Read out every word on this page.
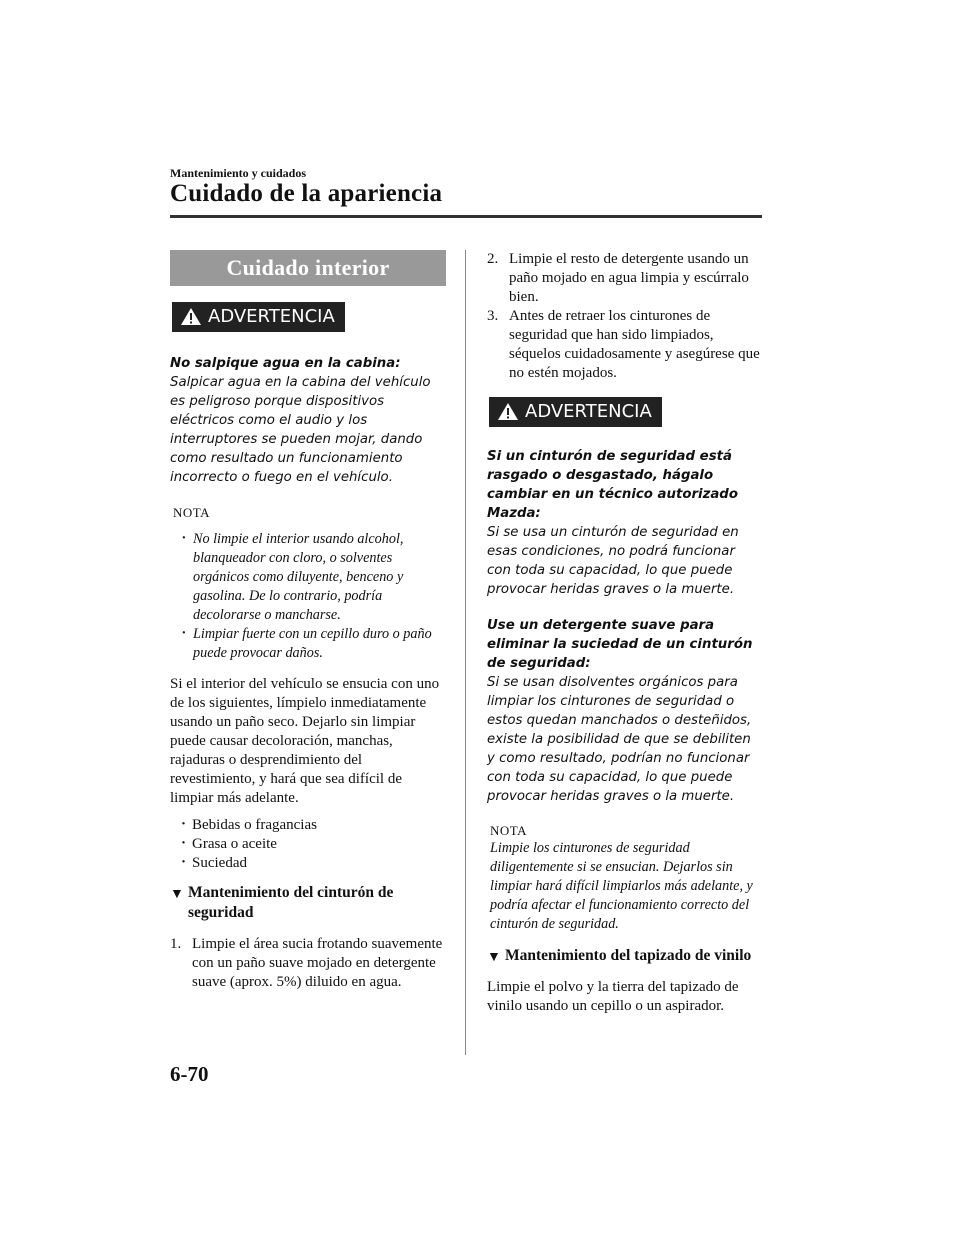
Mantenimiento y cuidados
Cuidado de la apariencia
Cuidado interior
ADVERTENCIA
No salpique agua en la cabina:
Salpicar agua en la cabina del vehículo es peligroso porque dispositivos eléctricos como el audio y los interruptores se pueden mojar, dando como resultado un funcionamiento incorrecto o fuego en el vehículo.
NOTA
· No limpie el interior usando alcohol, blanqueador con cloro, o solventes orgánicos como diluyente, benceno y gasolina. De lo contrario, podría decolorarse o mancharse.
· Limpiar fuerte con un cepillo duro o paño puede provocar daños.
Si el interior del vehículo se ensucia con uno de los siguientes, límpielo inmediatamente usando un paño seco. Dejarlo sin limpiar puede causar decoloración, manchas, rajaduras o desprendimiento del revestimiento, y hará que sea difícil de limpiar más adelante.
· Bebidas o fragancias
· Grasa o aceite
· Suciedad
▼ Mantenimiento del cinturón de seguridad
1. Limpie el área sucia frotando suavemente con un paño suave mojado en detergente suave (aprox. 5%) diluido en agua.
2. Limpie el resto de detergente usando un paño mojado en agua limpia y escúrralo bien.
3. Antes de retraer los cinturones de seguridad que han sido limpiados, séquelos cuidadosamente y asegúrese que no estén mojados.
ADVERTENCIA
Si un cinturón de seguridad está rasgado o desgastado, hágalo cambiar en un técnico autorizado Mazda:
Si se usa un cinturón de seguridad en esas condiciones, no podrá funcionar con toda su capacidad, lo que puede provocar heridas graves o la muerte.
Use un detergente suave para eliminar la suciedad de un cinturón de seguridad:
Si se usan disolventes orgánicos para limpiar los cinturones de seguridad o estos quedan manchados o desteñidos, existe la posibilidad de que se debiliten y como resultado, podrían no funcionar con toda su capacidad, lo que puede provocar heridas graves o la muerte.
NOTA
Limpie los cinturones de seguridad diligentemente si se ensucian. Dejarlos sin limpiar hará difícil limpiarlos más adelante, y podría afectar el funcionamiento correcto del cinturón de seguridad.
▼ Mantenimiento del tapizado de vinilo
Limpie el polvo y la tierra del tapizado de vinilo usando un cepillo o un aspirador.
6-70
